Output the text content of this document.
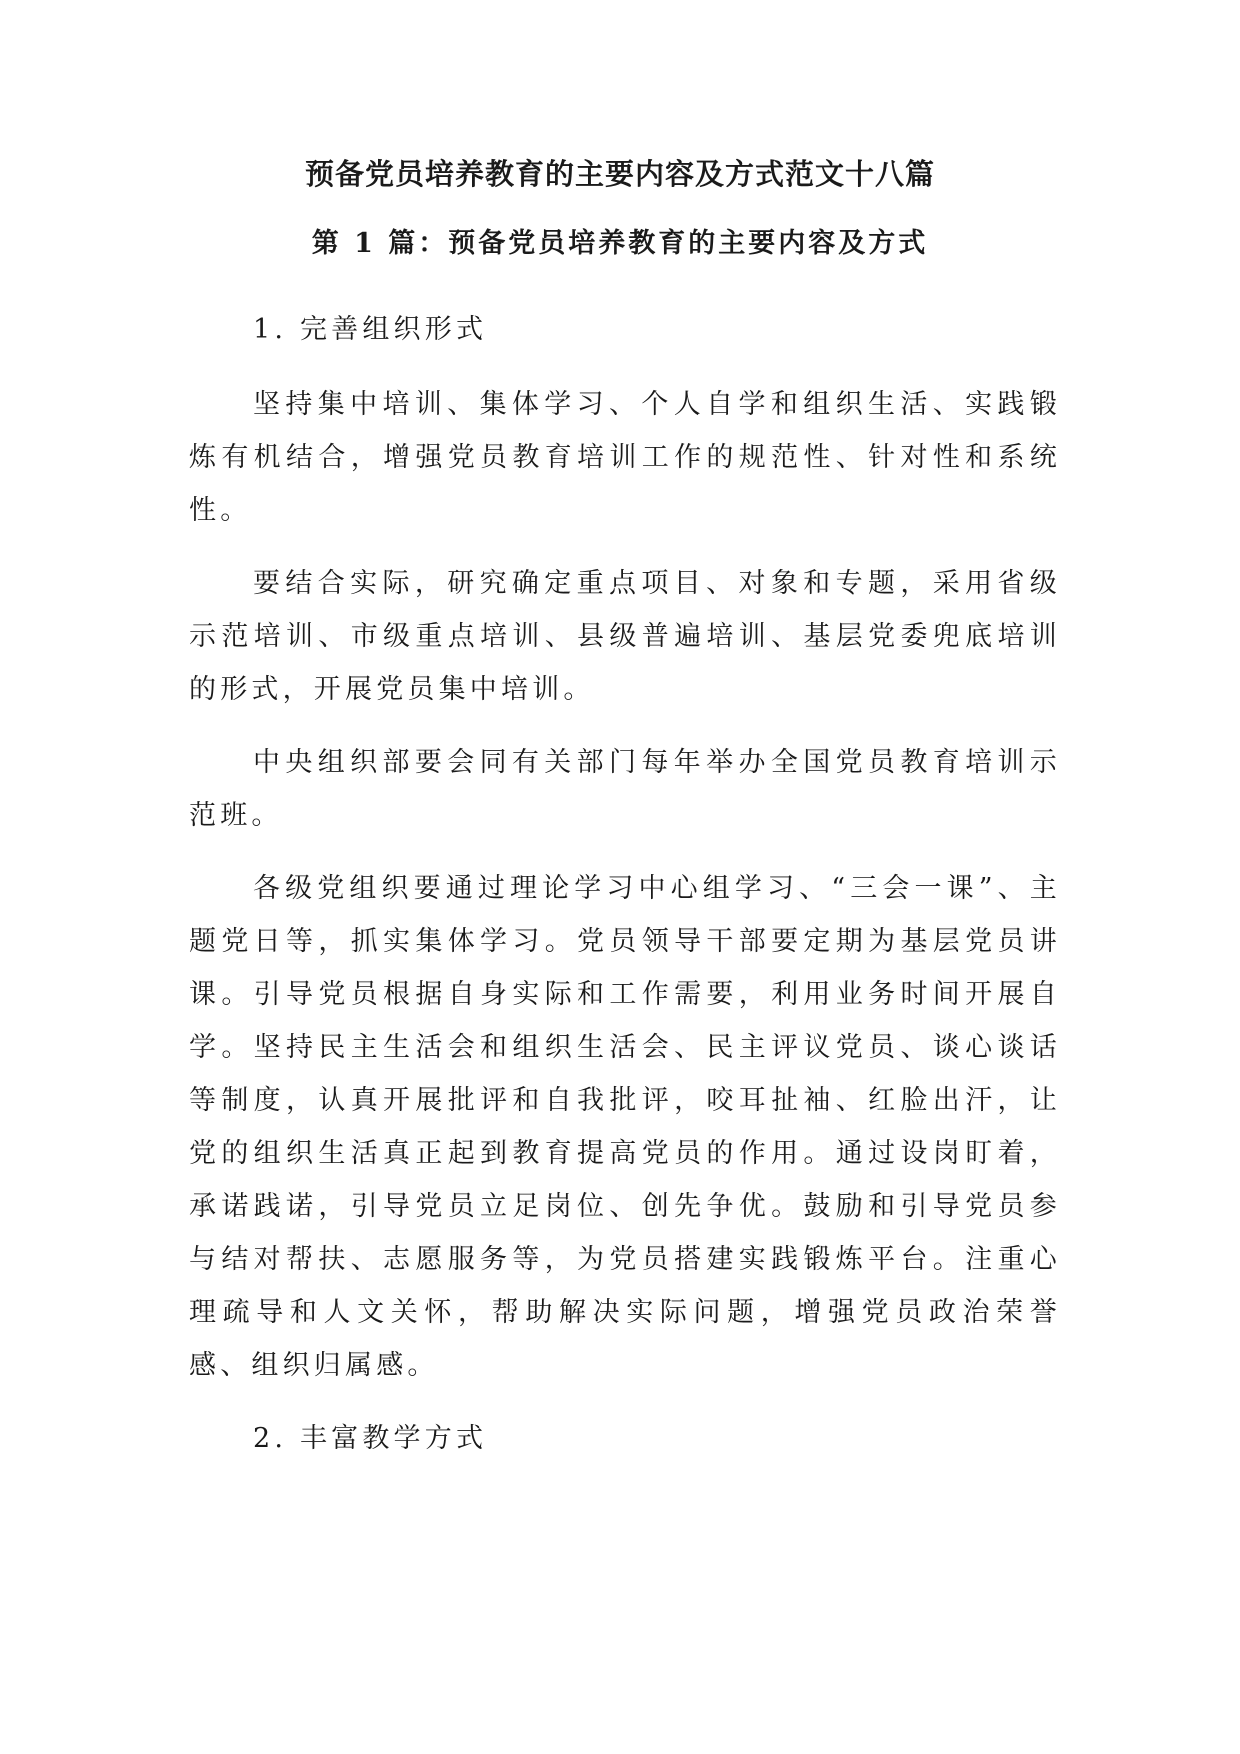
预备党员培养教育的主要内容及方式范文十八篇
第 1 篇：预备党员培养教育的主要内容及方式

1. 完善组织形式

坚持集中培训、集体学习、个人自学和组织生活、实践锻炼有机结合，增强党员教育培训工作的规范性、针对性和系统性。

要结合实际，研究确定重点项目、对象和专题，采用省级示范培训、市级重点培训、县级普遍培训、基层党委兜底培训的形式，开展党员集中培训。

中央组织部要会同有关部门每年举办全国党员教育培训示范班。

各级党组织要通过理论学习中心组学习、“三会一课”、主题党日等，抓实集体学习。党员领导干部要定期为基层党员讲课。引导党员根据自身实际和工作需要，利用业务时间开展自学。坚持民主生活会和组织生活会、民主评议党员、谈心谈话等制度，认真开展批评和自我批评，咬耳扯袖、红脸出汗，让党的组织生活真正起到教育提高党员的作用。通过设岗盯着，承诺践诺，引导党员立足岗位、创先争优。鼓励和引导党员参与结对帮扶、志愿服务等，为党员搭建实践锻炼平台。注重心理疏导和人文关怀，帮助解决实际问题，增强党员政治荣誉感、组织归属感。

2. 丰富教学方式
